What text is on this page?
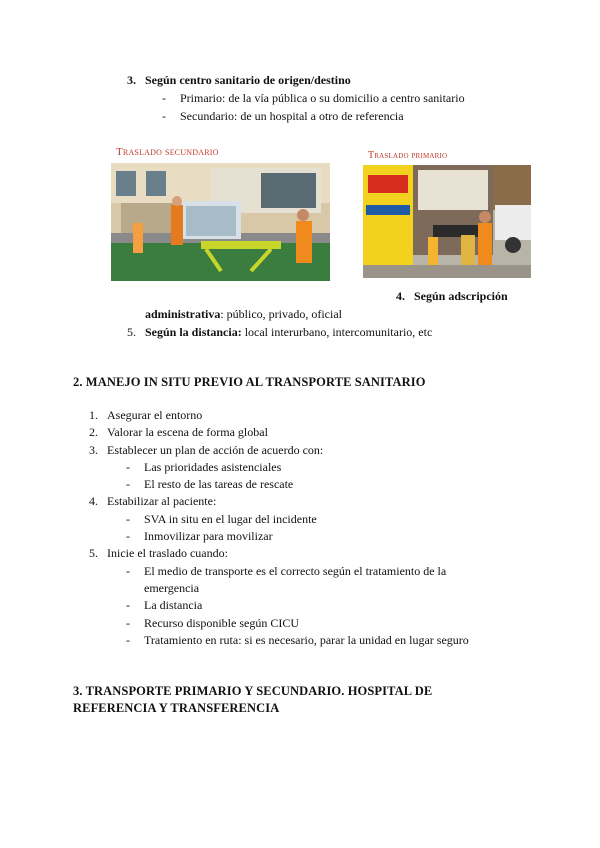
3. Según centro sanitario de origen/destino
- Primario: de la vía pública o su domicilio a centro sanitario
- Secundario: de un hospital a otro de referencia
Traslado secundario	Traslado primario
4. Según adscripción
administrativa: público, privado, oficial
5. Según la distancia: local interurbano, intercomunitario, etc
2. MANEJO IN SITU PREVIO AL TRANSPORTE SANITARIO
1. Asegurar el entorno
2. Valorar la escena de forma global
3. Establecer un plan de acción de acuerdo con:
- Las prioridades asistenciales
- El resto de las tareas de rescate
4. Estabilizar al paciente:
- SVA in situ en el lugar del incidente
- Inmovilizar para movilizar
5. Inicie el traslado cuando:
- El medio de transporte es el correcto según el tratamiento de la
emergencia
- La distancia
- Recurso disponible según CICU
- Tratamiento en ruta: si es necesario, parar la unidad en lugar seguro
3. TRANSPORTE PRIMARIO Y SECUNDARIO. HOSPITAL DE
REFERENCIA Y TRANSFERENCIA
